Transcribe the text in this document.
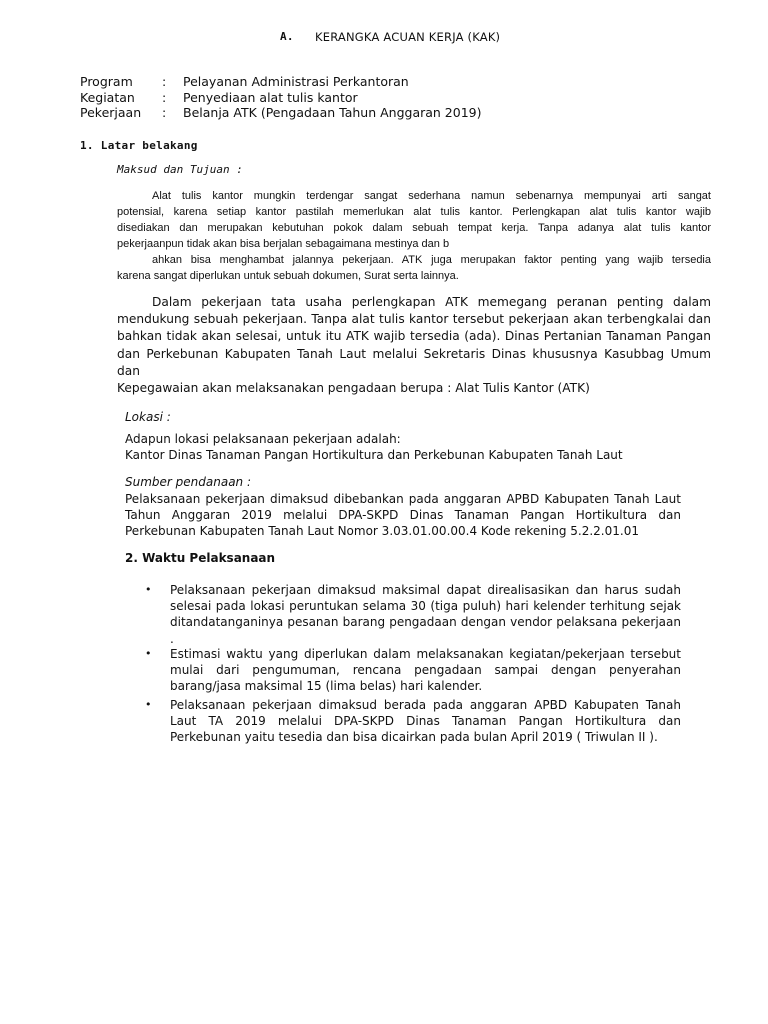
A. KERANGKA ACUAN KERJA (KAK)
Program : Pelayanan Administrasi Perkantoran
Kegiatan : Penyediaan alat tulis kantor
Pekerjaan : Belanja ATK (Pengadaan Tahun Anggaran 2019)
1. Latar belakang
Maksud dan Tujuan :
Alat tulis kantor mungkin terdengar sangat sederhana namun sebenarnya mempunyai arti sangat
potensial, karena setiap kantor pastilah memerlukan alat tulis kantor. Perlengkapan alat tulis kantor wajib
disediakan dan merupakan kebutuhan pokok dalam sebuah tempat kerja. Tanpa adanya alat tulis kantor
pekerjaanpun tidak akan bisa berjalan sebagaimana mestinya dan b
ahkan bisa menghambat jalannya pekerjaan. ATK juga merupakan faktor penting yang wajib tersedia
karena sangat diperlukan untuk sebuah dokumen, Surat serta lainnya.
Dalam pekerjaan tata usaha perlengkapan ATK memegang peranan penting dalam
mendukung sebuah pekerjaan. Tanpa alat tulis kantor tersebut pekerjaan akan terbengkalai dan
bahkan tidak akan selesai, untuk itu ATK wajib tersedia (ada). Dinas Pertanian Tanaman Pangan
dan Perkebunan Kabupaten Tanah Laut melalui Sekretaris Dinas khususnya Kasubbag Umum dan
Kepegawaian akan melaksanakan pengadaan berupa : Alat Tulis Kantor (ATK)
Lokasi :
Adapun lokasi pelaksanaan pekerjaan adalah:
Kantor Dinas Tanaman Pangan Hortikultura dan Perkebunan Kabupaten Tanah Laut
Sumber pendanaan :
Pelaksanaan pekerjaan dimaksud dibebankan pada anggaran APBD Kabupaten Tanah Laut
Tahun Anggaran 2019 melalui DPA-SKPD Dinas Tanaman Pangan Hortikultura dan
Perkebunan Kabupaten Tanah Laut Nomor 3.03.01.00.00.4 Kode rekening 5.2.2.01.01
2. Waktu Pelaksanaan
• Pelaksanaan pekerjaan dimaksud maksimal dapat direalisasikan dan harus sudah
selesai pada lokasi peruntukan selama 30 (tiga puluh) hari kelender terhitung sejak
ditandatanganinya pesanan barang pengadaan dengan vendor pelaksana pekerjaan
.
• Estimasi waktu yang diperlukan dalam melaksanakan kegiatan/pekerjaan tersebut
mulai dari pengumuman, rencana pengadaan sampai dengan penyerahan
barang/jasa maksimal 15 (lima belas) hari kalender.
• Pelaksanaan pekerjaan dimaksud berada pada anggaran APBD Kabupaten Tanah
Laut TA 2019 melalui DPA-SKPD Dinas Tanaman Pangan Hortikultura dan
Perkebunan yaitu tesedia dan bisa dicairkan pada bulan April 2019 ( Triwulan II ).
